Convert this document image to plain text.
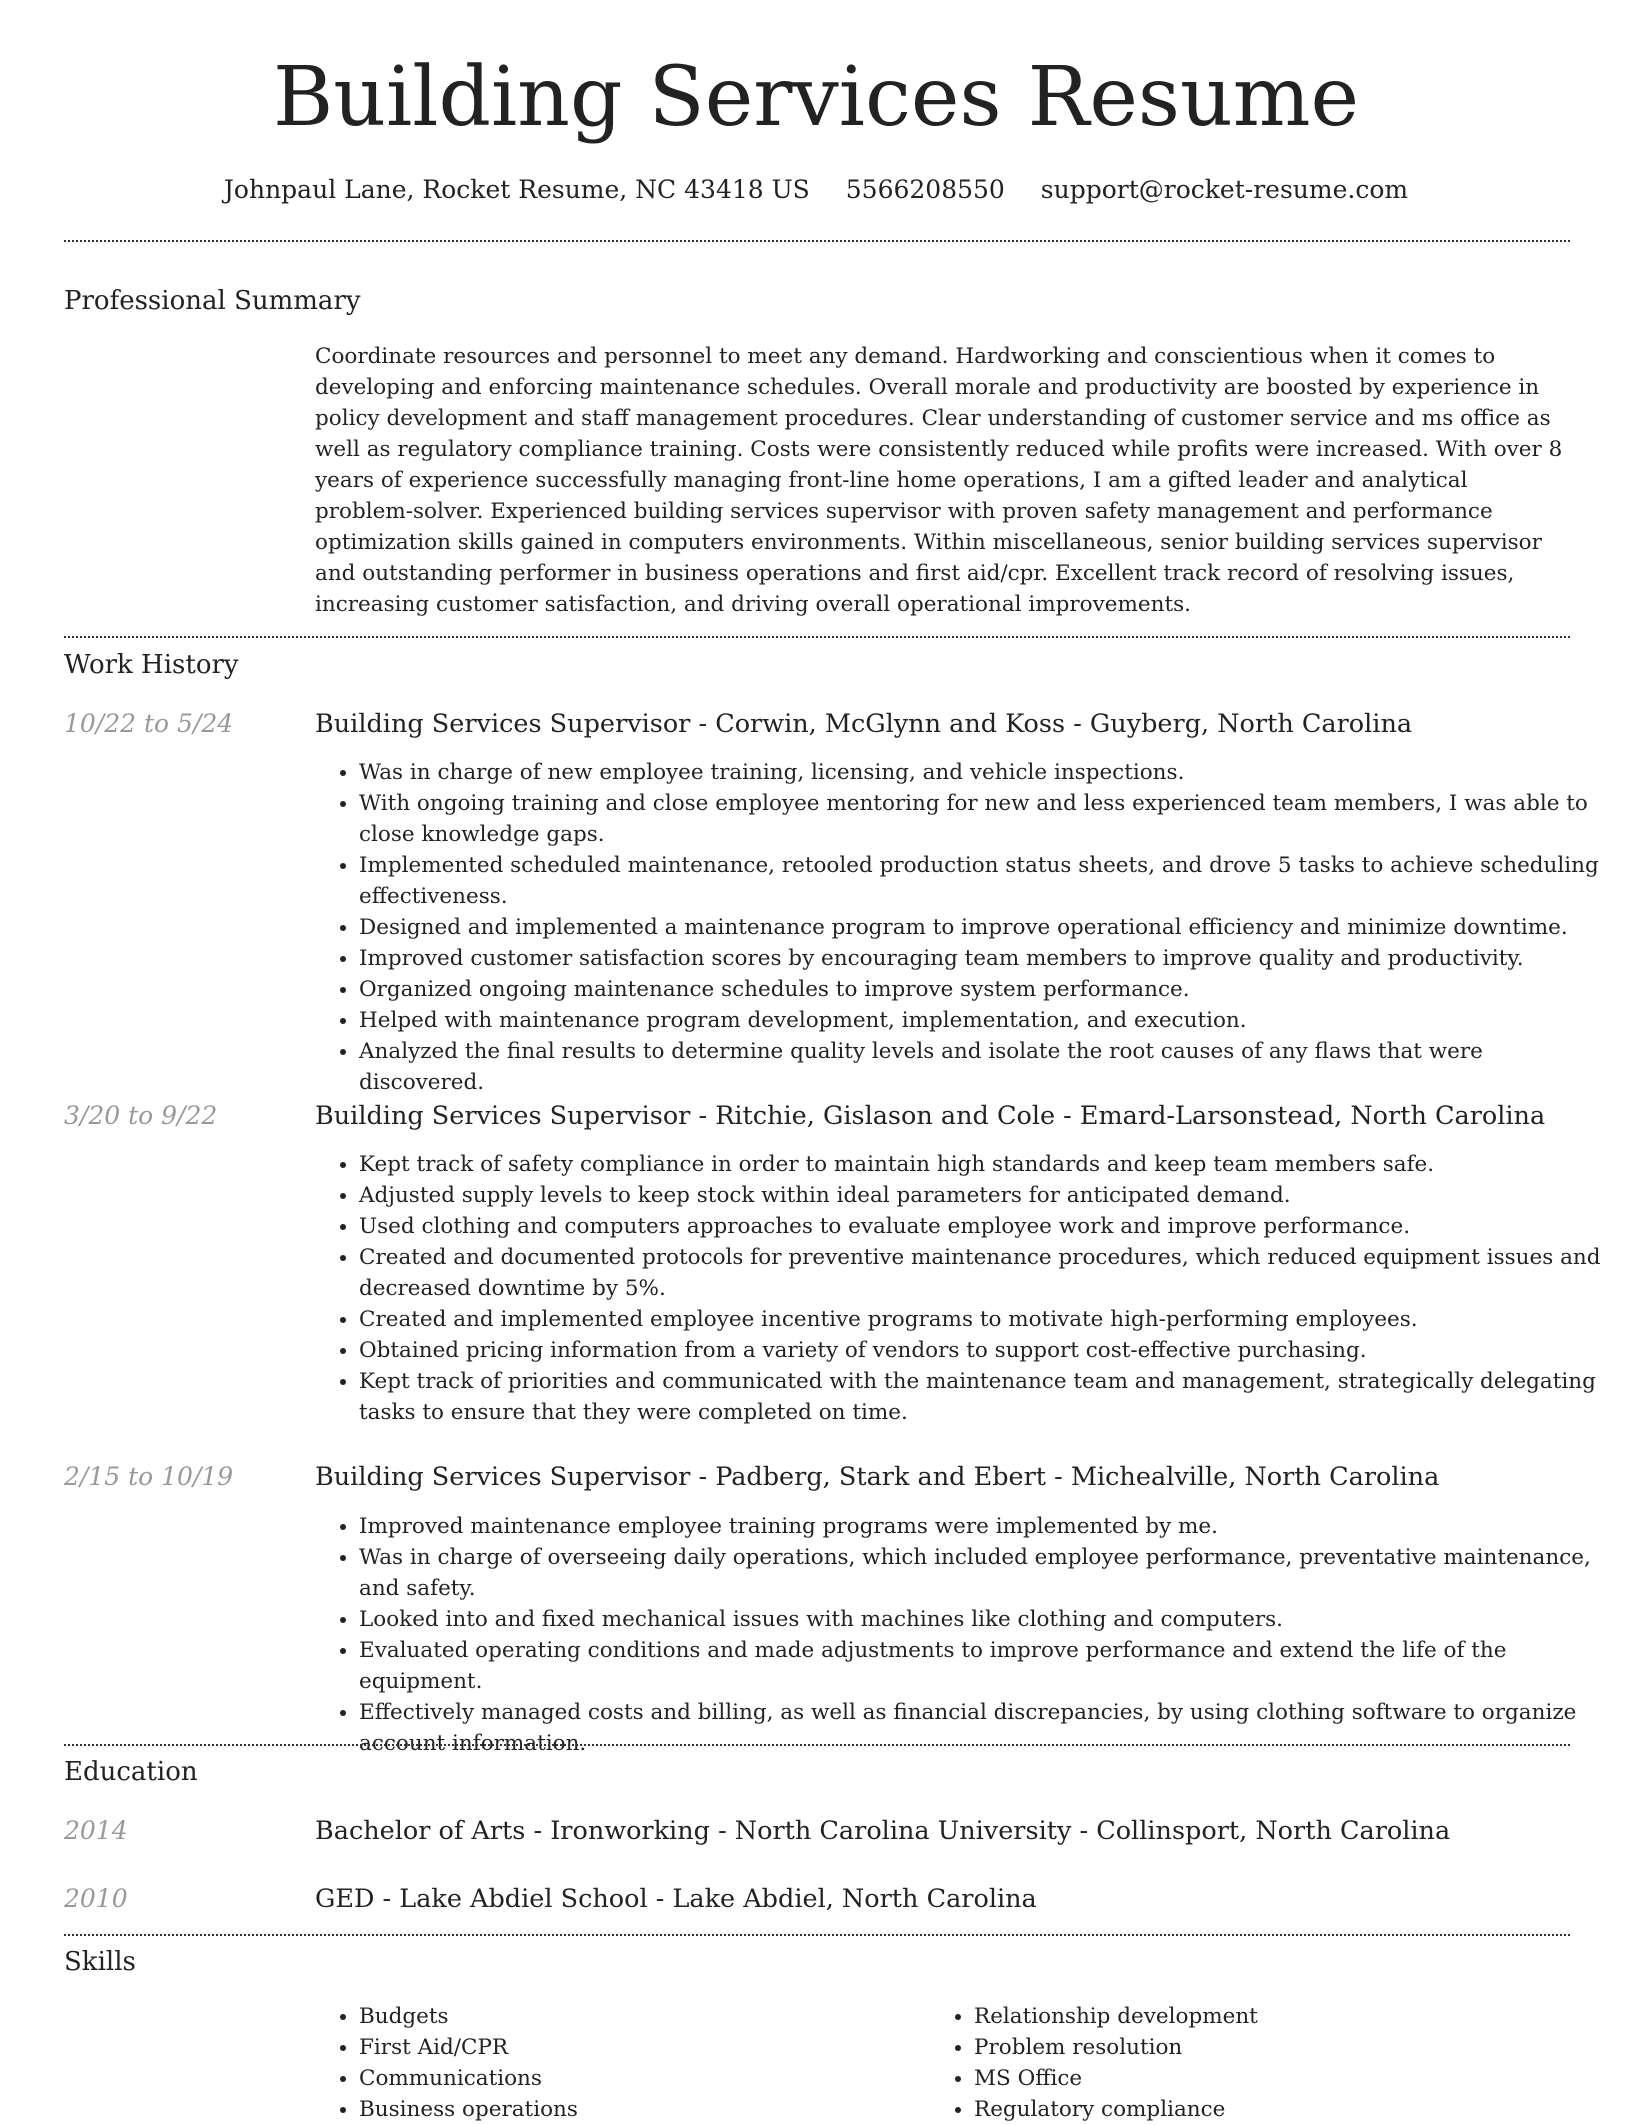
Building Services Resume
Johnpaul Lane, Rocket Resume, NC 43418 US 5566208550 support@rocket-resume.com
Professional Summary

Coordinate resources and personnel to meet any demand. Hardworking and conscientious when it comes to developing and enforcing maintenance schedules. Overall morale and productivity are boosted by experience in policy development and staff management procedures. Clear understanding of customer service and ms office as well as regulatory compliance training. Costs were consistently reduced while profits were increased. With over 8 years of experience successfully managing front-line home operations, I am a gifted leader and analytical problem-solver. Experienced building services supervisor with proven safety management and performance optimization skills gained in computers environments. Within miscellaneous, senior building services supervisor and outstanding performer in business operations and first aid/cpr. Excellent track record of resolving issues, increasing customer satisfaction, and driving overall operational improvements.

Work History
10/22 to 5/24	Building Services Supervisor - Corwin, McGlynn and Koss - Guyberg, North Carolina
• Was in charge of new employee training, licensing, and vehicle inspections.
• With ongoing training and close employee mentoring for new and less experienced team members, I was able to close knowledge gaps.
• Implemented scheduled maintenance, retooled production status sheets, and drove 5 tasks to achieve scheduling effectiveness.
• Designed and implemented a maintenance program to improve operational efficiency and minimize downtime.
• Improved customer satisfaction scores by encouraging team members to improve quality and productivity.
• Organized ongoing maintenance schedules to improve system performance.
• Helped with maintenance program development, implementation, and execution.
• Analyzed the final results to determine quality levels and isolate the root causes of any flaws that were discovered.
3/20 to 9/22	Building Services Supervisor - Ritchie, Gislason and Cole - Emard-Larsonstead, North Carolina
• Kept track of safety compliance in order to maintain high standards and keep team members safe.
• Adjusted supply levels to keep stock within ideal parameters for anticipated demand.
• Used clothing and computers approaches to evaluate employee work and improve performance.
• Created and documented protocols for preventive maintenance procedures, which reduced equipment issues and decreased downtime by 5%.
• Created and implemented employee incentive programs to motivate high-performing employees.
• Obtained pricing information from a variety of vendors to support cost-effective purchasing.
• Kept track of priorities and communicated with the maintenance team and management, strategically delegating tasks to ensure that they were completed on time.
2/15 to 10/19	Building Services Supervisor - Padberg, Stark and Ebert - Michealville, North Carolina
• Improved maintenance employee training programs were implemented by me.
• Was in charge of overseeing daily operations, which included employee performance, preventative maintenance, and safety.
• Looked into and fixed mechanical issues with machines like clothing and computers.
• Evaluated operating conditions and made adjustments to improve performance and extend the life of the equipment.
• Effectively managed costs and billing, as well as financial discrepancies, by using clothing software to organize account information.
Education
2014	Bachelor of Arts - Ironworking - North Carolina University - Collinsport, North Carolina
2010	GED - Lake Abdiel School - Lake Abdiel, North Carolina
Skills
• Budgets
• First Aid/CPR
• Communications
• Business operations
• Relationship development
• Problem resolution
• MS Office
• Regulatory compliance
